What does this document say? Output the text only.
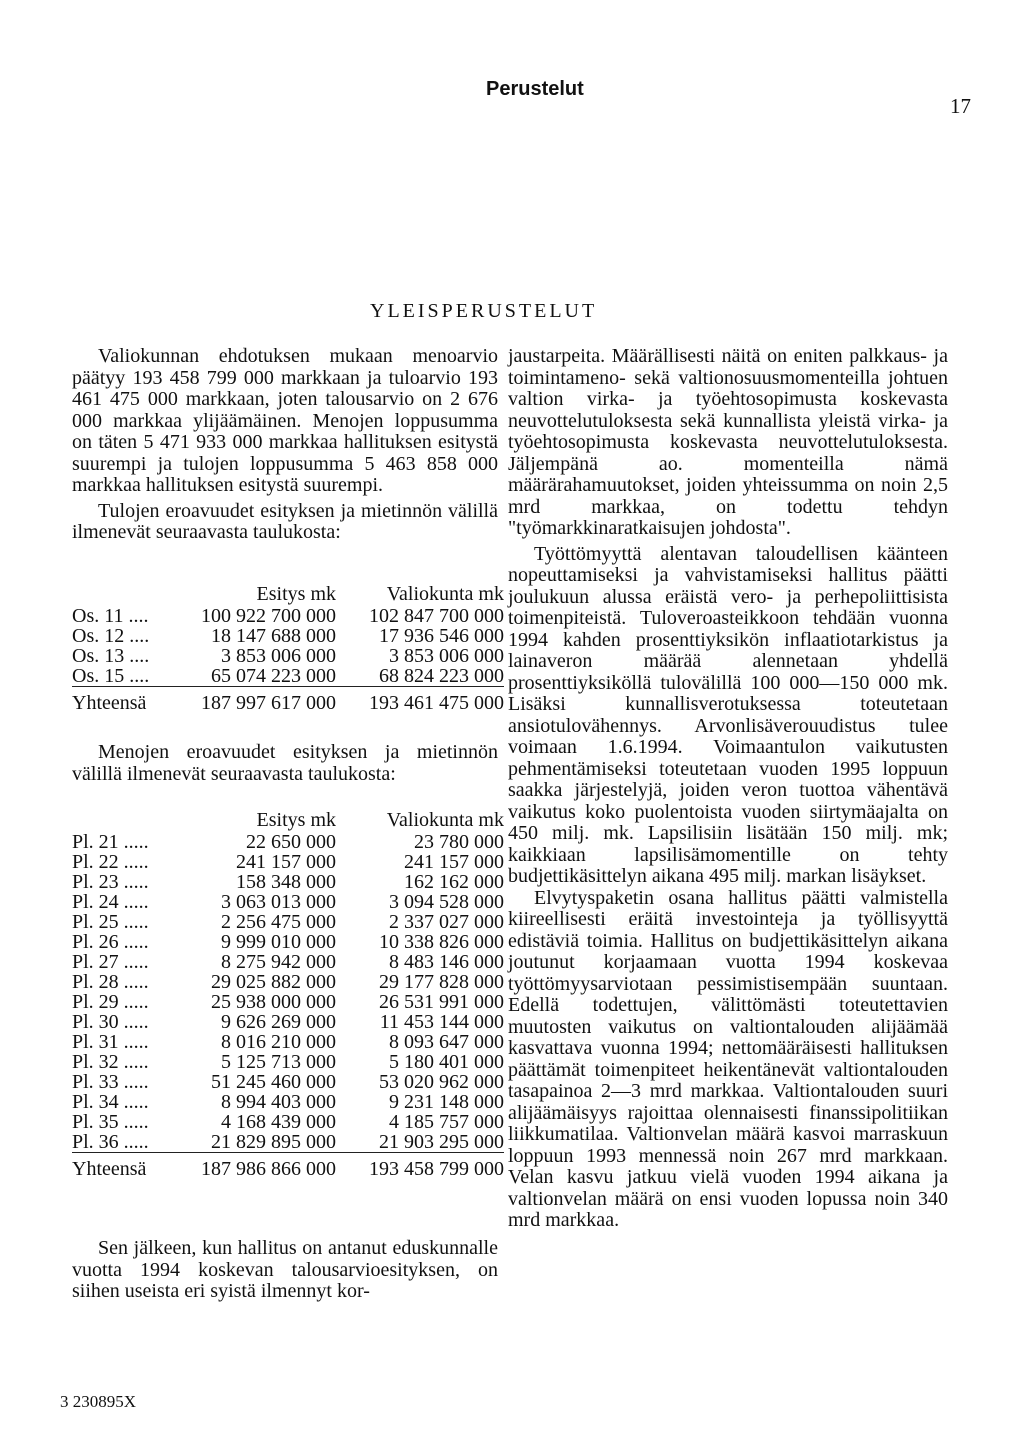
Perustelut
17
YLEISPERUSTELUT

Valiokunnan ehdotuksen mukaan menoarvio päätyy 193 458 799 000 markkaan ja tuloarvio 193 461 475 000 markkaan, joten talousarvio on 2 676 000 markkaa ylijäämäinen. Menojen loppusumma on täten 5 471 933 000 markkaa hallituksen esitystä suurempi ja tulojen loppusumma 5 463 858 000 markkaa hallituksen esitystä suurempi.

Tulojen eroavuudet esityksen ja mietinnön välillä ilmenevät seuraavasta taulukosta:

	Esitys mk	Valiokunta mk
Os. 11 ....	100 922 700 000	102 847 700 000
Os. 12 ....	18 147 688 000	17 936 546 000
Os. 13 ....	3 853 006 000	3 853 006 000
Os. 15 ....	65 074 223 000	68 824 223 000
Yhteensä	187 997 617 000	193 461 475 000

Menojen eroavuudet esityksen ja mietinnön välillä ilmenevät seuraavasta taulukosta:

	Esitys mk	Valiokunta mk
Pl. 21 .....	22 650 000	23 780 000
Pl. 22 .....	241 157 000	241 157 000
Pl. 23 .....	158 348 000	162 162 000
Pl. 24 .....	3 063 013 000	3 094 528 000
Pl. 25 .....	2 256 475 000	2 337 027 000
Pl. 26 .....	9 999 010 000	10 338 826 000
Pl. 27 .....	8 275 942 000	8 483 146 000
Pl. 28 .....	29 025 882 000	29 177 828 000
Pl. 29 .....	25 938 000 000	26 531 991 000
Pl. 30 .....	9 626 269 000	11 453 144 000
Pl. 31 .....	8 016 210 000	8 093 647 000
Pl. 32 .....	5 125 713 000	5 180 401 000
Pl. 33 .....	51 245 460 000	53 020 962 000
Pl. 34 .....	8 994 403 000	9 231 148 000
Pl. 35 .....	4 168 439 000	4 185 757 000
Pl. 36 .....	21 829 895 000	21 903 295 000
Yhteensä	187 986 866 000	193 458 799 000

Sen jälkeen, kun hallitus on antanut eduskunnalle vuotta 1994 koskevan talousarvioesityksen, on siihen useista eri syistä ilmennyt kor-

jaustarpeita. Määrällisesti näitä on eniten palkkaus- ja toimintameno- sekä valtionosuusmomenteilla johtuen valtion virka- ja työehtosopimusta koskevasta neuvottelutuloksesta sekä kunnallista yleistä virka- ja työehtosopimusta koskevasta neuvottelutuloksesta. Jäljempänä ao. momenteilla nämä määrärahamuutokset, joiden yhteissumma on noin 2,5 mrd markkaa, on todettu tehdyn "työmarkkinaratkaisujen johdosta".

Työttömyyttä alentavan taloudellisen käänteen nopeuttamiseksi ja vahvistamiseksi hallitus päätti joulukuun alussa eräistä vero- ja perhepoliittisista toimenpiteistä. Tuloveroasteikkoon tehdään vuonna 1994 kahden prosenttiyksikön inflaatiotarkistus ja lainaveron määrää alennetaan yhdellä prosenttiyksiköllä tulovälillä 100 000—150 000 mk. Lisäksi kunnallisverotuksessa toteutetaan ansiotulovähennys. Arvonlisäverouudistus tulee voimaan 1.6.1994. Voimaantulon vaikutusten pehmentämiseksi toteutetaan vuoden 1995 loppuun saakka järjestelyjä, joiden veron tuottoa vähentävä vaikutus koko puolentoista vuoden siirtymäajalta on 450 milj. mk. Lapsilisiin lisätään 150 milj. mk; kaikkiaan lapsilisämomentille on tehty budjettikäsittelyn aikana 495 milj. markan lisäykset.

Elvytyspaketin osana hallitus päätti valmistella kiireellisesti eräitä investointeja ja työllisyyttä edistäviä toimia. Hallitus on budjettikäsittelyn aikana joutunut korjaamaan vuotta 1994 koskevaa työttömyysarviotaan pessimistisempään suuntaan. Edellä todettujen, välittömästi toteutettavien muutosten vaikutus on valtiontalouden alijäämää kasvattava vuonna 1994; nettomääräisesti hallituksen päättämät toimenpiteet heikentänevät valtiontalouden tasapainoa 2—3 mrd markkaa. Valtiontalouden suuri alijäämäisyys rajoittaa olennaisesti finanssipolitiikan liikkumatilaa. Valtionvelan määrä kasvoi marraskuun loppuun 1993 mennessä noin 267 mrd markkaan. Velan kasvu jatkuu vielä vuoden 1994 aikana ja valtionvelan määrä on ensi vuoden lopussa noin 340 mrd markkaa.

3 230895X
